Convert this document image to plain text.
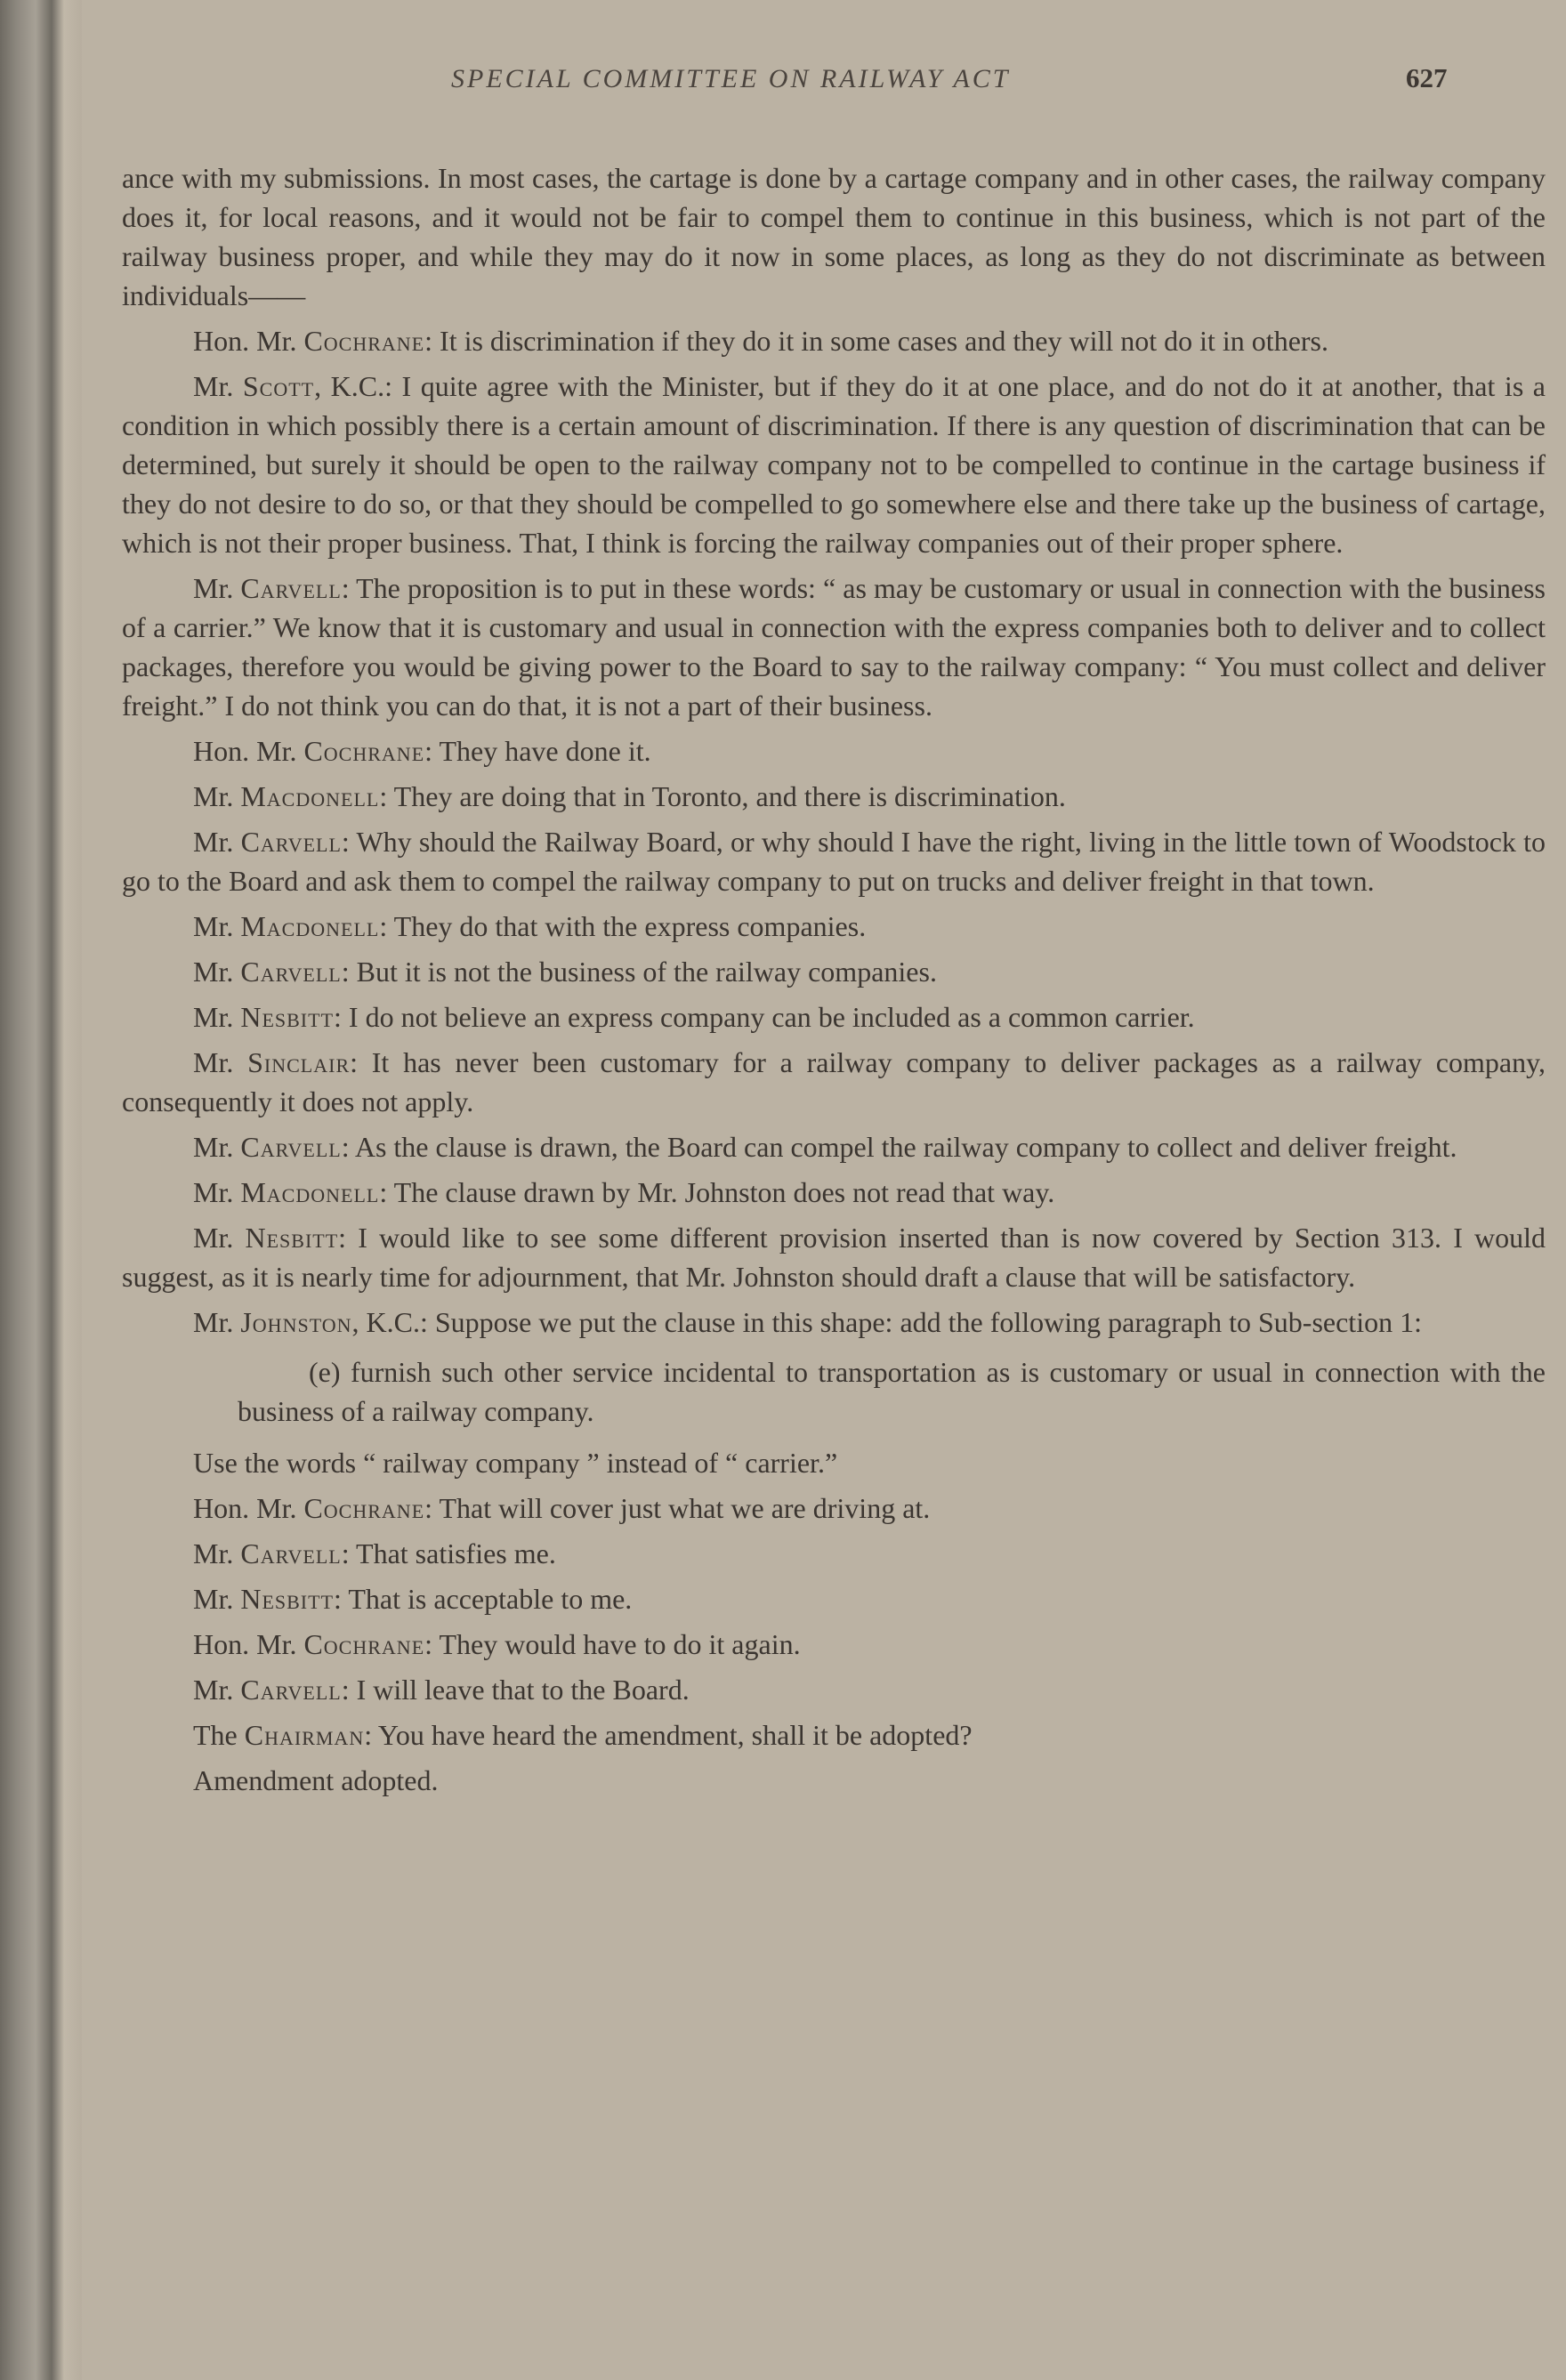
SPECIAL COMMITTEE ON RAILWAY ACT	627

ance with my submissions. In most cases, the cartage is done by a cartage company and in other cases, the railway company does it, for local reasons, and it would not be fair to compel them to continue in this business, which is not part of the railway business proper, and while they may do it now in some places, as long as they do not discriminate as between individuals——

Hon. Mr. Cochrane: It is discrimination if they do it in some cases and they will not do it in others.

Mr. Scott, K.C.: I quite agree with the Minister, but if they do it at one place, and do not do it at another, that is a condition in which possibly there is a certain amount of discrimination. If there is any question of discrimination that can be determined, but surely it should be open to the railway company not to be compelled to continue in the cartage business if they do not desire to do so, or that they should be compelled to go somewhere else and there take up the business of cartage, which is not their proper business. That, I think is forcing the railway companies out of their proper sphere.

Mr. Carvell: The proposition is to put in these words: “ as may be customary or usual in connection with the business of a carrier.” We know that it is customary and usual in connection with the express companies both to deliver and to collect packages, therefore you would be giving power to the Board to say to the railway company: “ You must collect and deliver freight.” I do not think you can do that, it is not a part of their business.

Hon. Mr. Cochrane: They have done it.

Mr. Macdonell: They are doing that in Toronto, and there is discrimination.

Mr. Carvell: Why should the Railway Board, or why should I have the right, living in the little town of Woodstock to go to the Board and ask them to compel the railway company to put on trucks and deliver freight in that town.

Mr. Macdonell: They do that with the express companies.

Mr. Carvell: But it is not the business of the railway companies.

Mr. Nesbitt: I do not believe an express company can be included as a common carrier.

Mr. Sinclair: It has never been customary for a railway company to deliver packages as a railway company, consequently it does not apply.

Mr. Carvell: As the clause is drawn, the Board can compel the railway company to collect and deliver freight.

Mr. Macdonell: The clause drawn by Mr. Johnston does not read that way.

Mr. Nesbitt: I would like to see some different provision inserted than is now covered by Section 313. I would suggest, as it is nearly time for adjournment, that Mr. Johnston should draft a clause that will be satisfactory.

Mr. Johnston, K.C.: Suppose we put the clause in this shape: add the following paragraph to Sub-section 1:

(e) furnish such other service incidental to transportation as is customary or usual in connection with the business of a railway company.

Use the words “ railway company ” instead of “ carrier.”

Hon. Mr. Cochrane: That will cover just what we are driving at.

Mr. Carvell: That satisfies me.

Mr. Nesbitt: That is acceptable to me.

Hon. Mr. Cochrane: They would have to do it again.

Mr. Carvell: I will leave that to the Board.

The Chairman: You have heard the amendment, shall it be adopted?

Amendment adopted.
